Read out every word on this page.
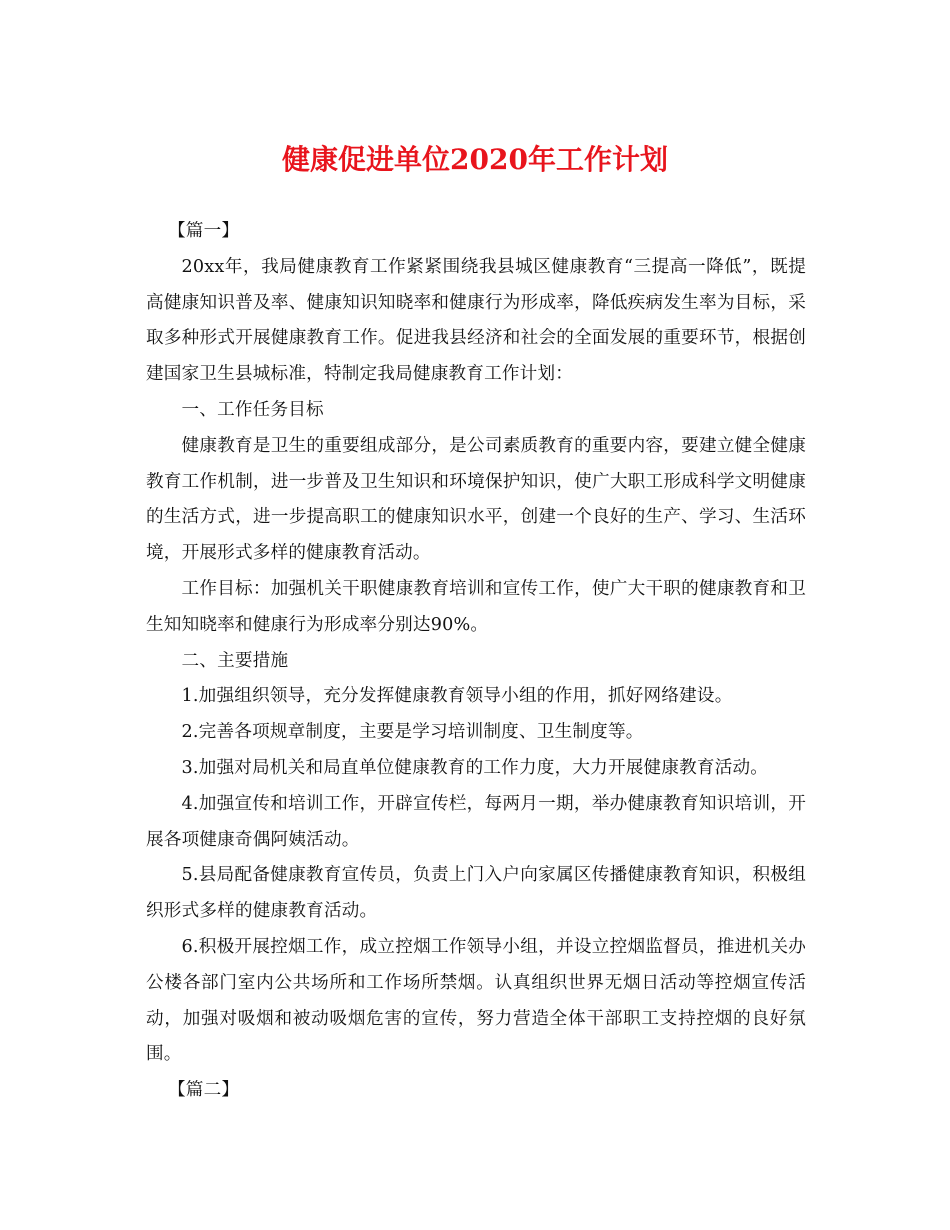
健康促进单位2020年工作计划

【篇一】

20xx年，我局健康教育工作紧紧围绕我县城区健康教育“三提高一降低”，既提高健康知识普及率、健康知识知晓率和健康行为形成率，降低疾病发生率为目标，采取多种形式开展健康教育工作。促进我县经济和社会的全面发展的重要环节，根据创建国家卫生县城标准，特制定我局健康教育工作计划：

一、工作任务目标

健康教育是卫生的重要组成部分，是公司素质教育的重要内容，要建立健全健康教育工作机制，进一步普及卫生知识和环境保护知识，使广大职工形成科学文明健康的生活方式，进一步提高职工的健康知识水平，创建一个良好的生产、学习、生活环境，开展形式多样的健康教育活动。

工作目标：加强机关干职健康教育培训和宣传工作，使广大干职的健康教育和卫生知知晓率和健康行为形成率分别达90%。

二、主要措施

1.加强组织领导，充分发挥健康教育领导小组的作用，抓好网络建设。

2.完善各项规章制度，主要是学习培训制度、卫生制度等。

3.加强对局机关和局直单位健康教育的工作力度，大力开展健康教育活动。

4.加强宣传和培训工作，开辟宣传栏，每两月一期，举办健康教育知识培训，开展各项健康奇偶阿姨活动。

5.县局配备健康教育宣传员，负责上门入户向家属区传播健康教育知识，积极组织形式多样的健康教育活动。

6.积极开展控烟工作，成立控烟工作领导小组，并设立控烟监督员，推进机关办公楼各部门室内公共场所和工作场所禁烟。认真组织世界无烟日活动等控烟宣传活动，加强对吸烟和被动吸烟危害的宣传，努力营造全体干部职工支持控烟的良好氛围。

【篇二】
